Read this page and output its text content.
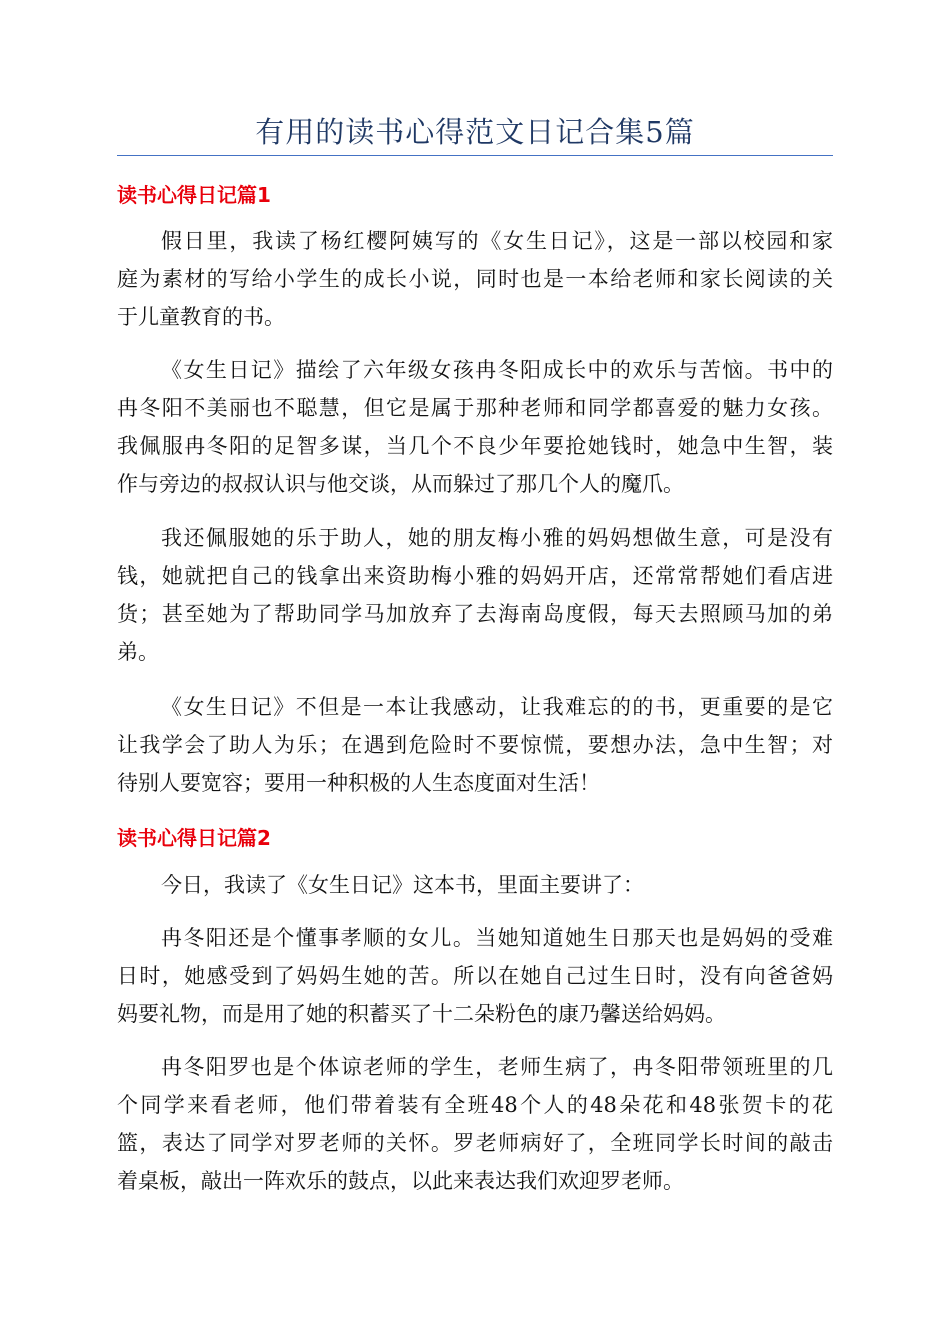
有用的读书心得范文日记合集5篇
读书心得日记篇1
假日里，我读了杨红樱阿姨写的《女生日记》，这是一部以校园和家
庭为素材的写给小学生的成长小说，同时也是一本给老师和家长阅读的关
于儿童教育的书。
《女生日记》描绘了六年级女孩冉冬阳成长中的欢乐与苦恼。书中的
冉冬阳不美丽也不聪慧，但它是属于那种老师和同学都喜爱的魅力女孩。
我佩服冉冬阳的足智多谋，当几个不良少年要抢她钱时，她急中生智，装
作与旁边的叔叔认识与他交谈，从而躲过了那几个人的魔爪。
我还佩服她的乐于助人，她的朋友梅小雅的妈妈想做生意，可是没有
钱，她就把自己的钱拿出来资助梅小雅的妈妈开店，还常常帮她们看店进
货；甚至她为了帮助同学马加放弃了去海南岛度假，每天去照顾马加的弟
弟。
《女生日记》不但是一本让我感动，让我难忘的的书，更重要的是它
让我学会了助人为乐；在遇到危险时不要惊慌，要想办法，急中生智；对
待别人要宽容；要用一种积极的人生态度面对生活！
读书心得日记篇2
今日，我读了《女生日记》这本书，里面主要讲了：
冉冬阳还是个懂事孝顺的女儿。当她知道她生日那天也是妈妈的受难
日时，她感受到了妈妈生她的苦。所以在她自己过生日时，没有向爸爸妈
妈要礼物，而是用了她的积蓄买了十二朵粉色的康乃馨送给妈妈。
冉冬阳罗也是个体谅老师的学生，老师生病了，冉冬阳带领班里的几
个同学来看老师，他们带着装有全班48个人的48朵花和48张贺卡的花
篮，表达了同学对罗老师的关怀。罗老师病好了，全班同学长时间的敲击
着桌板，敲出一阵欢乐的鼓点，以此来表达我们欢迎罗老师。
